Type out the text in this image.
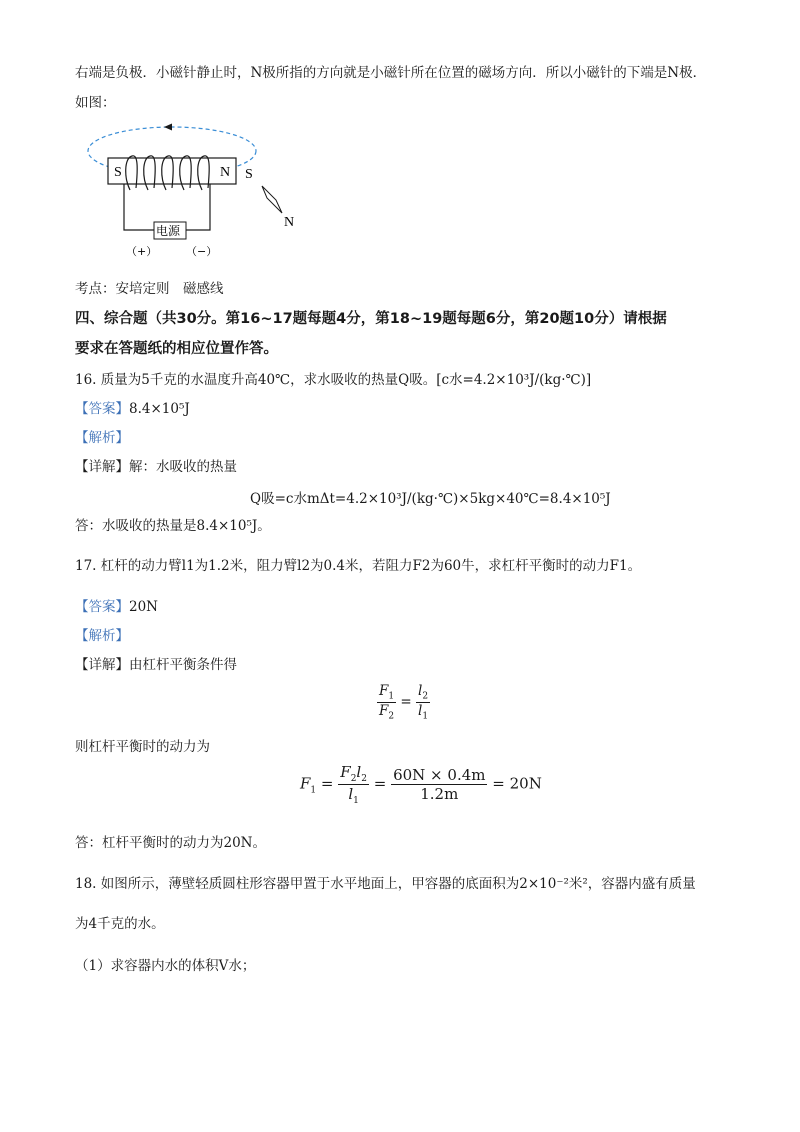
右端是负极．小磁针静止时，N极所指的方向就是小磁针所在位置的磁场方向．所以小磁针的下端是N极．
如图：
S	N
电源
（+）	（−）
S
N
考点：安培定则　磁感线
四、综合题（共30分。第16~17题每题4分，第18~19题每题6分，第20题10分）请根据
要求在答题纸的相应位置作答。
16. 质量为5千克的水温度升高40℃，求水吸收的热量Q吸。[c水=4.2×10³J/(kg·℃)]
【答案】8.4×10⁵J
【解析】
【详解】解：水吸收的热量
Q吸=c水mΔt=4.2×10³J/(kg·℃)×5kg×40℃=8.4×10⁵J
答：水吸收的热量是8.4×10⁵J。
17. 杠杆的动力臂l1为1.2米，阻力臂l2为0.4米，若阻力F2为60牛，求杠杆平衡时的动力F1。
【答案】20N
【解析】
【详解】由杠杆平衡条件得
$\frac{F_1}{F_2} = \frac{l_2}{l_1}$
则杠杆平衡时的动力为
$F_1 = \frac{F_2l_2}{l_1} = \frac{60N \times 0.4m}{1.2m} = 20N$
答：杠杆平衡时的动力为20N。
18. 如图所示，薄壁轻质圆柱形容器甲置于水平地面上，甲容器的底面积为2×10⁻²米²，容器内盛有质量
为4千克的水。
（1）求容器内水的体积V水；
